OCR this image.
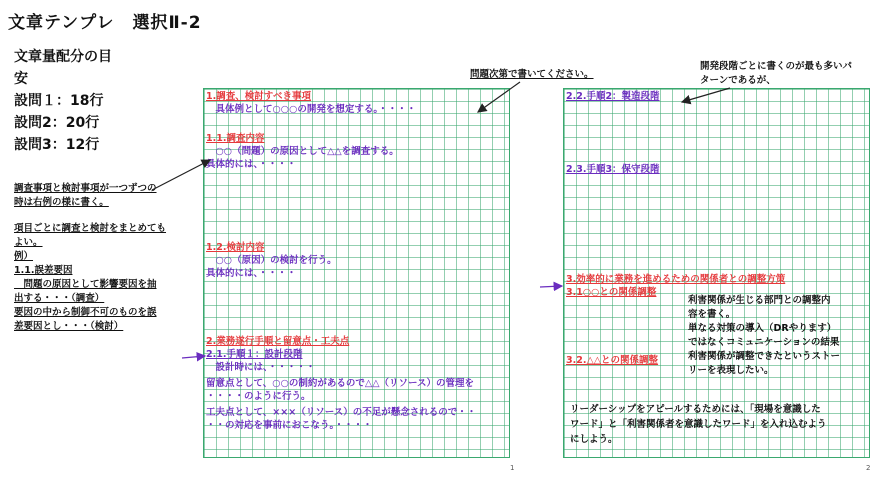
文章テンプレ　選択Ⅱ-2
文章量配分の目
安
設問１：18行
設問2：20行
設問3：12行
調査事項と検討事項が一つずつの
時は右例の様に書く。
項目ごとに調査と検討をまとめても
よい。
例）
1.1.誤差要因
　問題の原因として影響要因を抽
出する・・・（調査）
要因の中から制御不可のものを誤
差要因とし・・・（検討）
問題次第で書いてください。
開発段階ごとに書くのが最も多いパ
ターンであるが、
1.調査、検討すべき事項
　具体例として○○○の開発を想定する。・・・・
1.1.調査内容
　○○（問題）の原因として△△を調査する。
具体的には、・・・・
1.2.検討内容
　○○（原因）の検討を行う。
具体的には、・・・・
2.業務遂行手順と留意点・工夫点
2.1.手順１：設計段階
　設計時には、・・・・・
留意点として、○○の制約があるので△△（リソース）の管理を
・・・・のように行う。
工夫点として、×××（リソース）の不足が懸念されるので・・
・・の対応を事前におこなう。・・・・
1
2.2.手順2：製造段階
2.3.手順3：保守段階
3.効率的に業務を進めるための関係者との調整方策
3.1○○との関係調整
3.2.△△との関係調整
利害関係が生じる部門との調整内
容を書く。
単なる対策の導入（DRやります）
ではなくコミュニケーションの結果
利害関係が調整できたというストー
リーを表現したい。
リーダーシップをアピールするためには、「現場を意識した
ワード」と「利害関係者を意識したワード」を入れ込むよう
にしよう。
2
